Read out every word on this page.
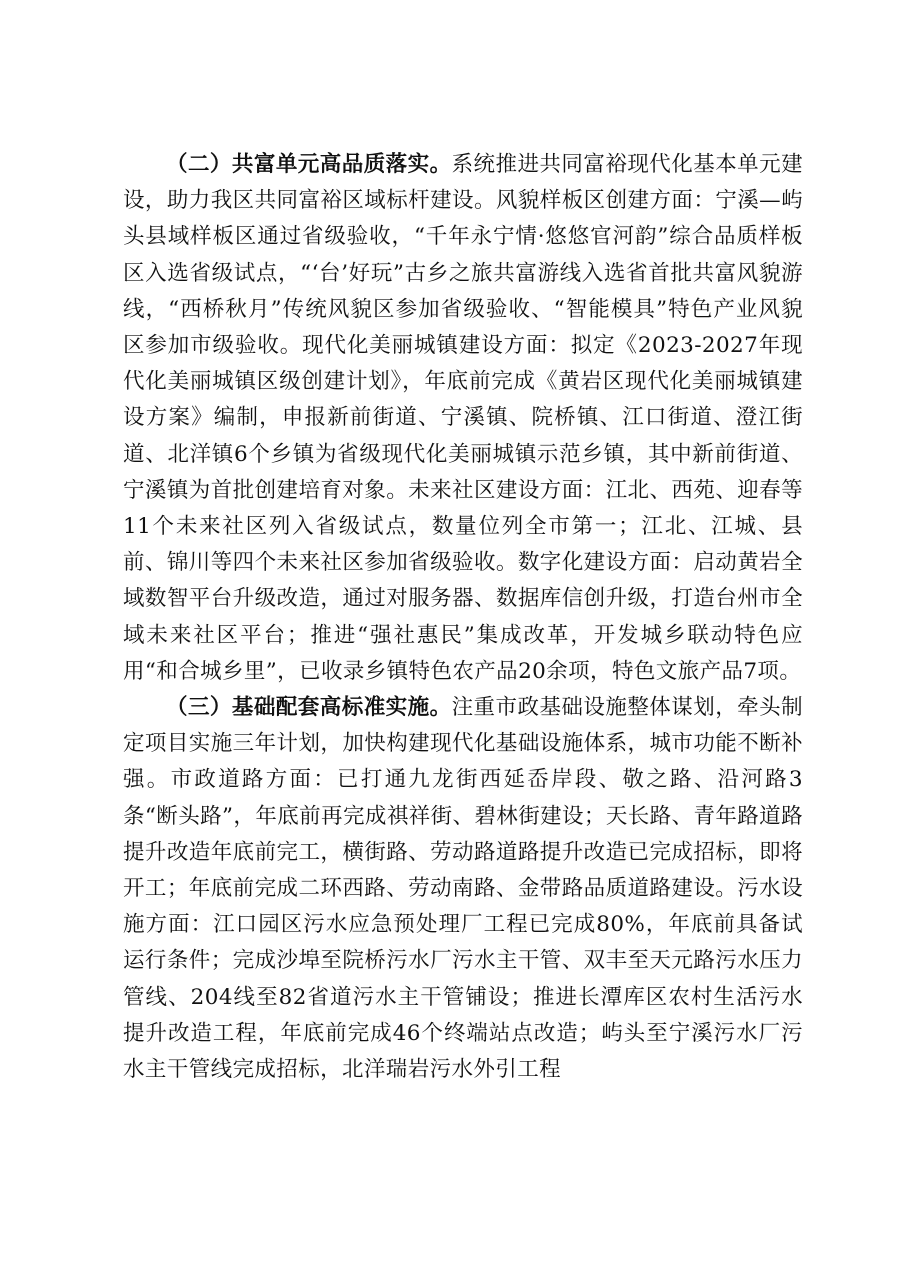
（二）共富单元高品质落实。系统推进共同富裕现代化基本单元建设，助力我区共同富裕区域标杆建设。风貌样板区创建方面：宁溪—屿头县域样板区通过省级验收，“千年永宁情·悠悠官河韵”综合品质样板区入选省级试点，“‘台’好玩”古乡之旅共富游线入选省首批共富风貌游线，“西桥秋月”传统风貌区参加省级验收、“智能模具”特色产业风貌区参加市级验收。现代化美丽城镇建设方面：拟定《2023-2027年现代化美丽城镇区级创建计划》，年底前完成《黄岩区现代化美丽城镇建设方案》编制，申报新前街道、宁溪镇、院桥镇、江口街道、澄江街道、北洋镇6个乡镇为省级现代化美丽城镇示范乡镇，其中新前街道、宁溪镇为首批创建培育对象。未来社区建设方面：江北、西苑、迎春等11个未来社区列入省级试点，数量位列全市第一；江北、江城、县前、锦川等四个未来社区参加省级验收。数字化建设方面：启动黄岩全域数智平台升级改造，通过对服务器、数据库信创升级，打造台州市全域未来社区平台；推进“强社惠民”集成改革，开发城乡联动特色应用“和合城乡里”，已收录乡镇特色农产品20余项，特色文旅产品7项。

（三）基础配套高标准实施。注重市政基础设施整体谋划，牵头制定项目实施三年计划，加快构建现代化基础设施体系，城市功能不断补强。市政道路方面：已打通九龙街西延岙岸段、敬之路、沿河路3条“断头路”，年底前再完成祺祥街、碧林街建设；天长路、青年路道路提升改造年底前完工，横街路、劳动路道路提升改造已完成招标，即将开工；年底前完成二环西路、劳动南路、金带路品质道路建设。污水设施方面：江口园区污水应急预处理厂工程已完成80%，年底前具备试运行条件；完成沙埠至院桥污水厂污水主干管、双丰至天元路污水压力管线、204线至82省道污水主干管铺设；推进长潭库区农村生活污水提升改造工程，年底前完成46个终端站点改造；屿头至宁溪污水厂污水主干管线完成招标，北洋瑞岩污水外引工程
